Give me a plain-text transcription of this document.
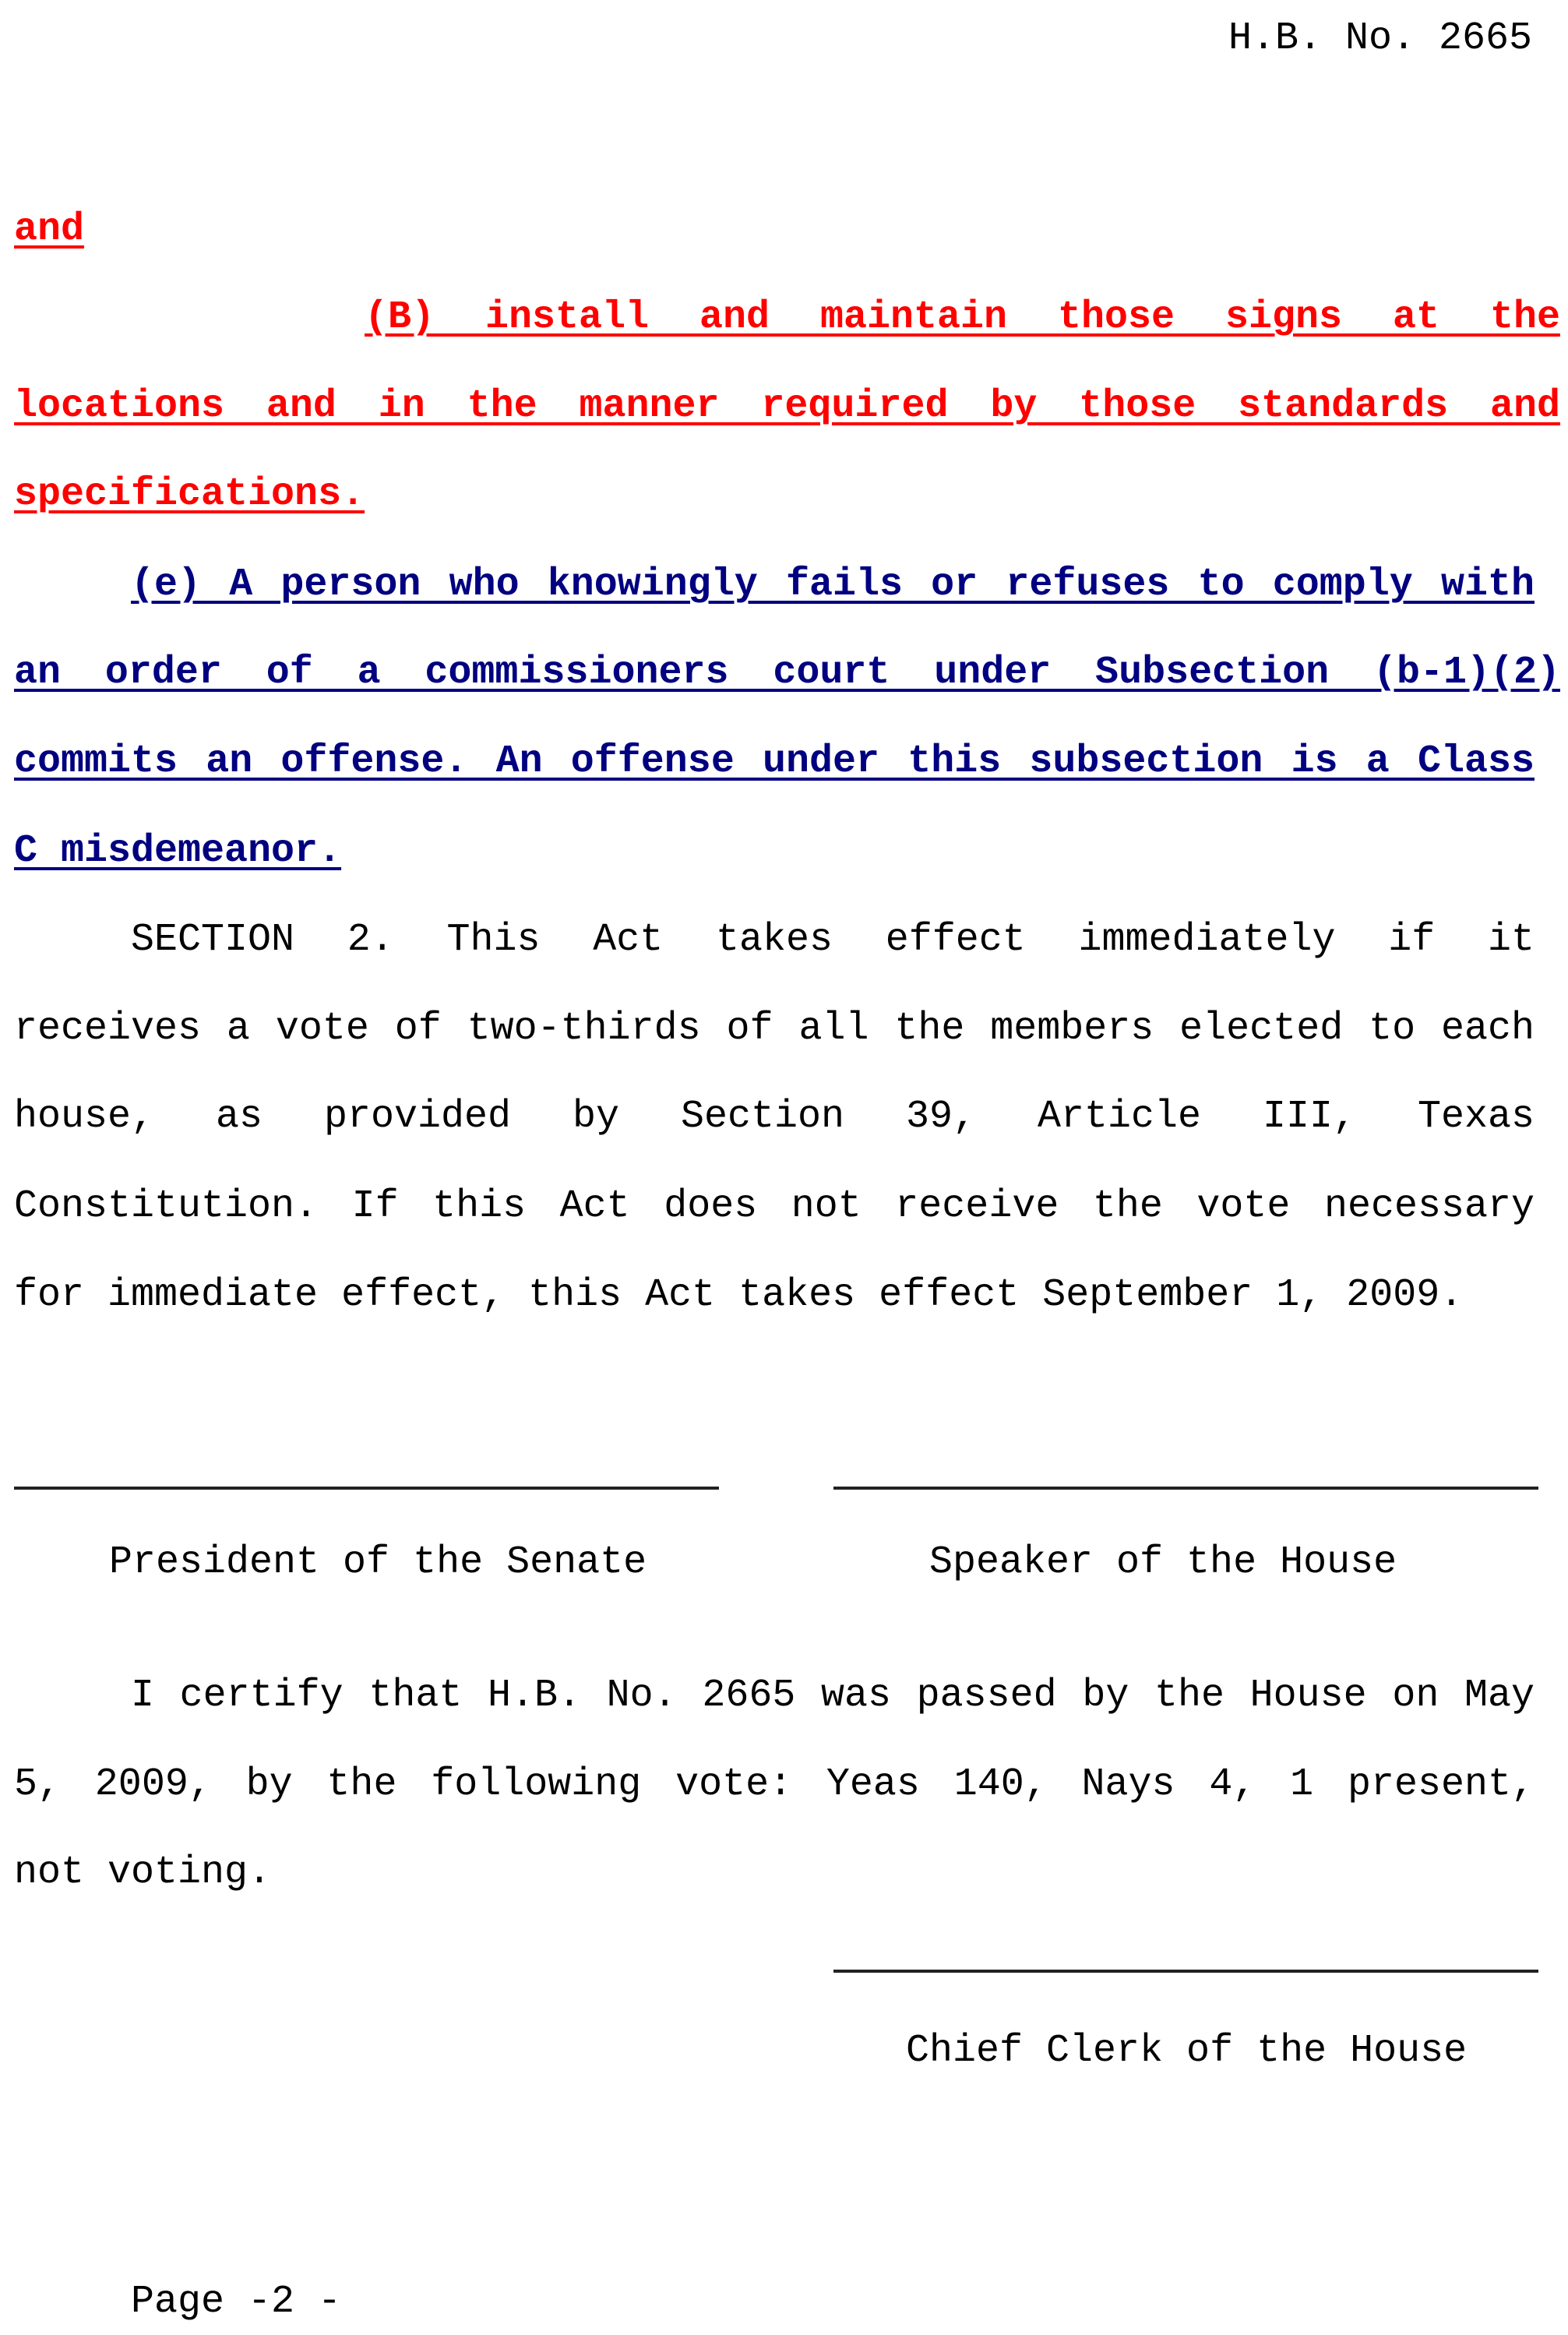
H.B. No. 2665
and
(B) install and maintain those signs at the
locations and in the manner required by those standards and
specifications.
(e) A person who knowingly fails or refuses to comply with
an order of a commissioners court under Subsection (b-1)(2)
commits an offense. An offense under this subsection is a Class
C misdemeanor.
SECTION 2. This Act takes effect immediately if it
receives a vote of two-thirds of all the members elected to each
house, as provided by Section 39, Article III, Texas
Constitution. If this Act does not receive the vote necessary
for immediate effect, this Act takes effect September 1, 2009.
President of the Senate	Speaker of the House
I certify that H.B. No. 2665 was passed by the House on May
5, 2009, by the following vote: Yeas 140, Nays 4, 1 present,
not voting.
Chief Clerk of the House
Page -2 -
